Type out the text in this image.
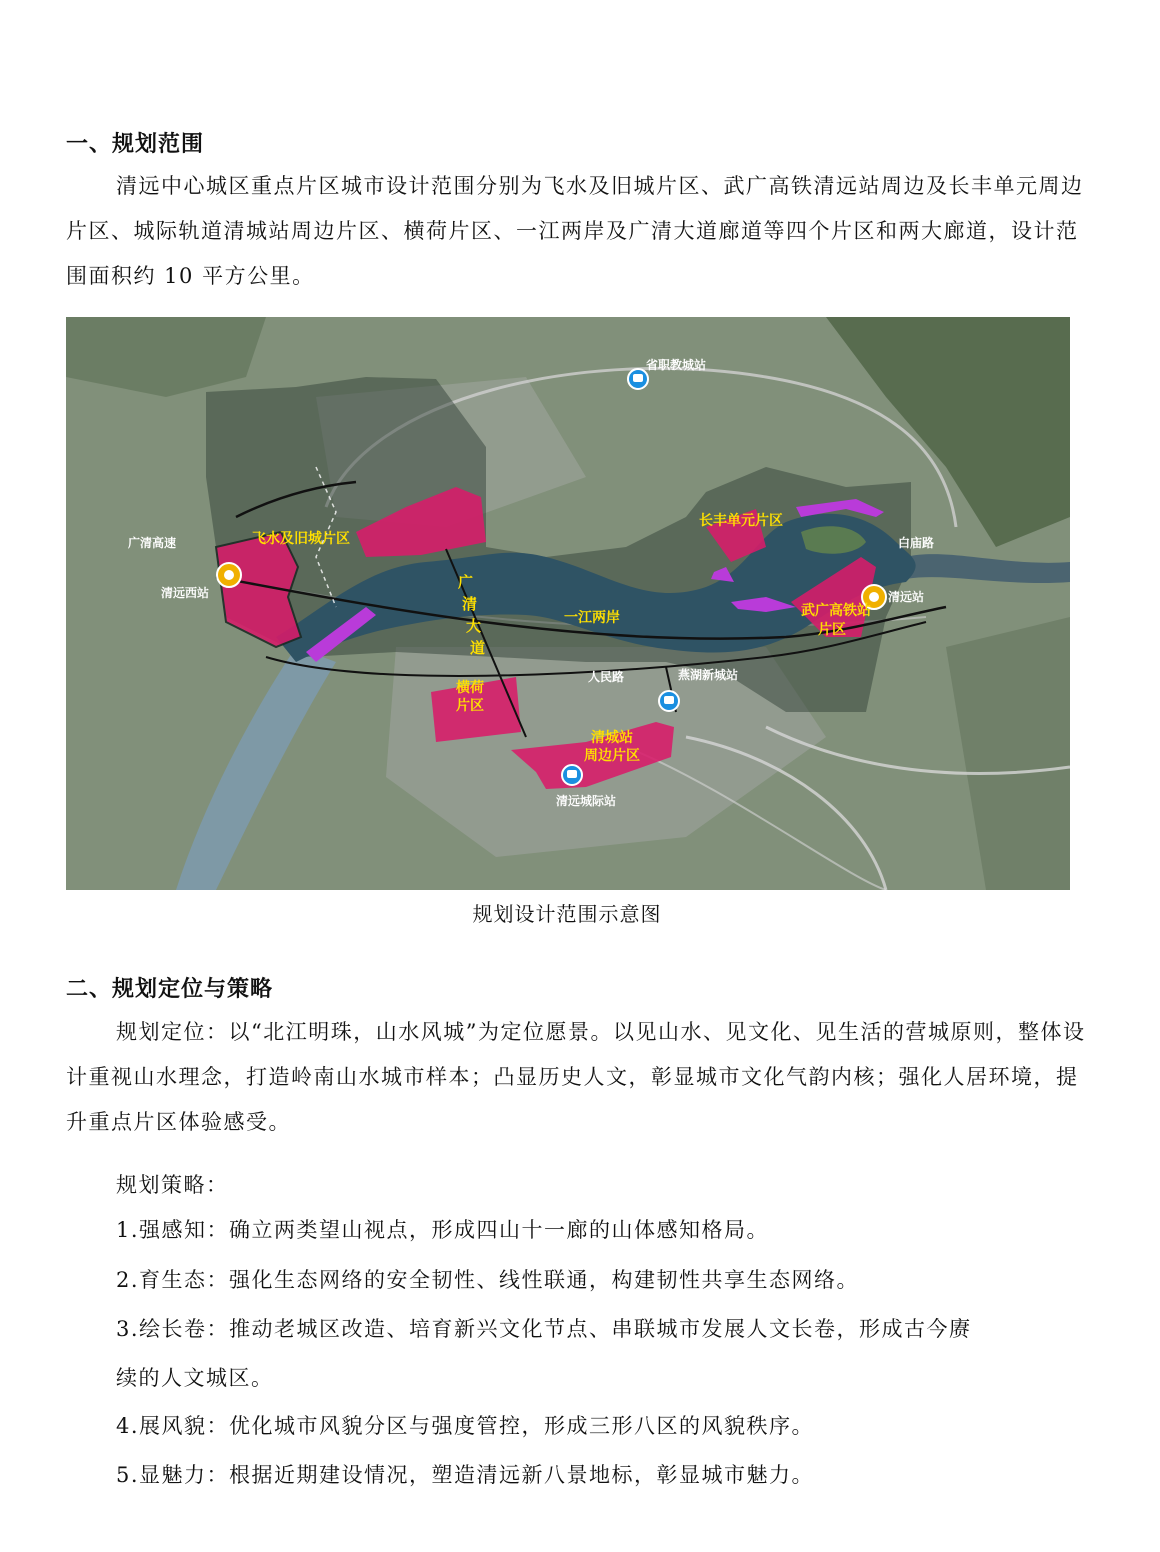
一、规划范围

清远中心城区重点片区城市设计范围分别为飞水及旧城片区、武广高铁清远站周边及长丰单元周边片区、城际轨道清城站周边片区、横荷片区、一江两岸及广清大道廊道等四个片区和两大廊道，设计范围面积约 10 平方公里。

飞水及旧城片区
长丰单元片区
武广高铁站
片区
横荷
片区
清城站
周边片区
一江两岸
广
清
大
道
清远西站	清远站
省职教城站
燕湖新城站
清远城际站
广清高速
人民路
白庙路
规划设计范围示意图
二、规划定位与策略

规划定位：以“北江明珠，山水风城”为定位愿景。以见山水、见文化、见生活的营城原则，整体设计重视山水理念，打造岭南山水城市样本；凸显历史人文，彰显城市文化气韵内核；强化人居环境，提升重点片区体验感受。

规划策略：
1.强感知：确立两类望山视点，形成四山十一廊的山体感知格局。
2.育生态：强化生态网络的安全韧性、线性联通，构建韧性共享生态网络。
3.绘长卷：推动老城区改造、培育新兴文化节点、串联城市发展人文长卷，形成古今赓
续的人文城区。
4.展风貌：优化城市风貌分区与强度管控，形成三形八区的风貌秩序。
5.显魅力：根据近期建设情况，塑造清远新八景地标，彰显城市魅力。
